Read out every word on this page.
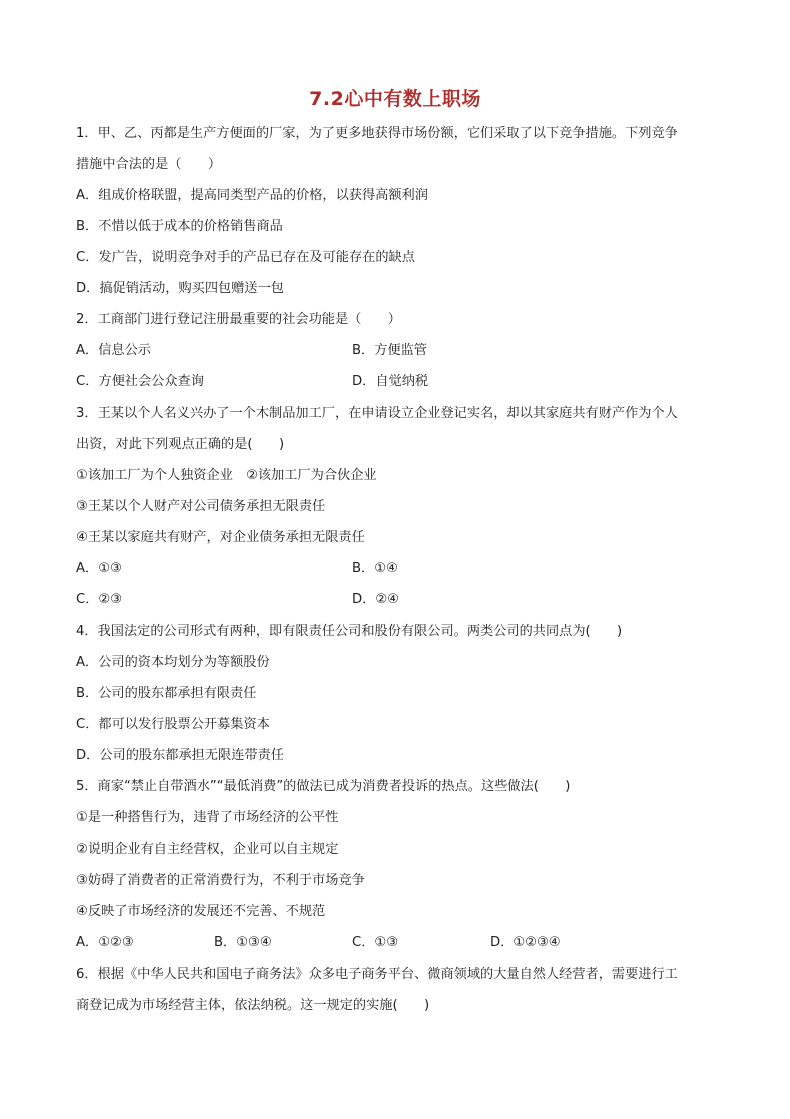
7.2心中有数上职场
1．甲、乙、丙都是生产方便面的厂家，为了更多地获得市场份额，它们采取了以下竞争措施。下列竞争
措施中合法的是（　　）
A．组成价格联盟，提高同类型产品的价格，以获得高额利润
B．不惜以低于成本的价格销售商品
C．发广告，说明竞争对手的产品已存在及可能存在的缺点
D．搞促销活动，购买四包赠送一包
2．工商部门进行登记注册最重要的社会功能是（　　）
A．信息公示	B．方便监管
C．方便社会公众查询	D．自觉纳税
3．王某以个人名义兴办了一个木制品加工厂，在申请设立企业登记实名，却以其家庭共有财产作为个人
出资，对此下列观点正确的是(　　)
①该加工厂为个人独资企业　②该加工厂为合伙企业
③王某以个人财产对公司债务承担无限责任
④王某以家庭共有财产，对企业债务承担无限责任
A．①③	B．①④
C．②③	D．②④
4．我国法定的公司形式有两种，即有限责任公司和股份有限公司。两类公司的共同点为(　　)
A．公司的资本均划分为等额股份
B．公司的股东都承担有限责任
C．都可以发行股票公开募集资本
D．公司的股东都承担无限连带责任
5．商家“禁止自带酒水”“最低消费”的做法已成为消费者投诉的热点。这些做法(　　)
①是一种搭售行为，违背了市场经济的公平性
②说明企业有自主经营权，企业可以自主规定
③妨碍了消费者的正常消费行为，不利于市场竞争
④反映了市场经济的发展还不完善、不规范
A．①②③	B．①③④	C．①③	D．①②③④
6．根据《中华人民共和国电子商务法》众多电子商务平台、微商领域的大量自然人经营者，需要进行工
商登记成为市场经营主体，依法纳税。这一规定的实施(　　)
